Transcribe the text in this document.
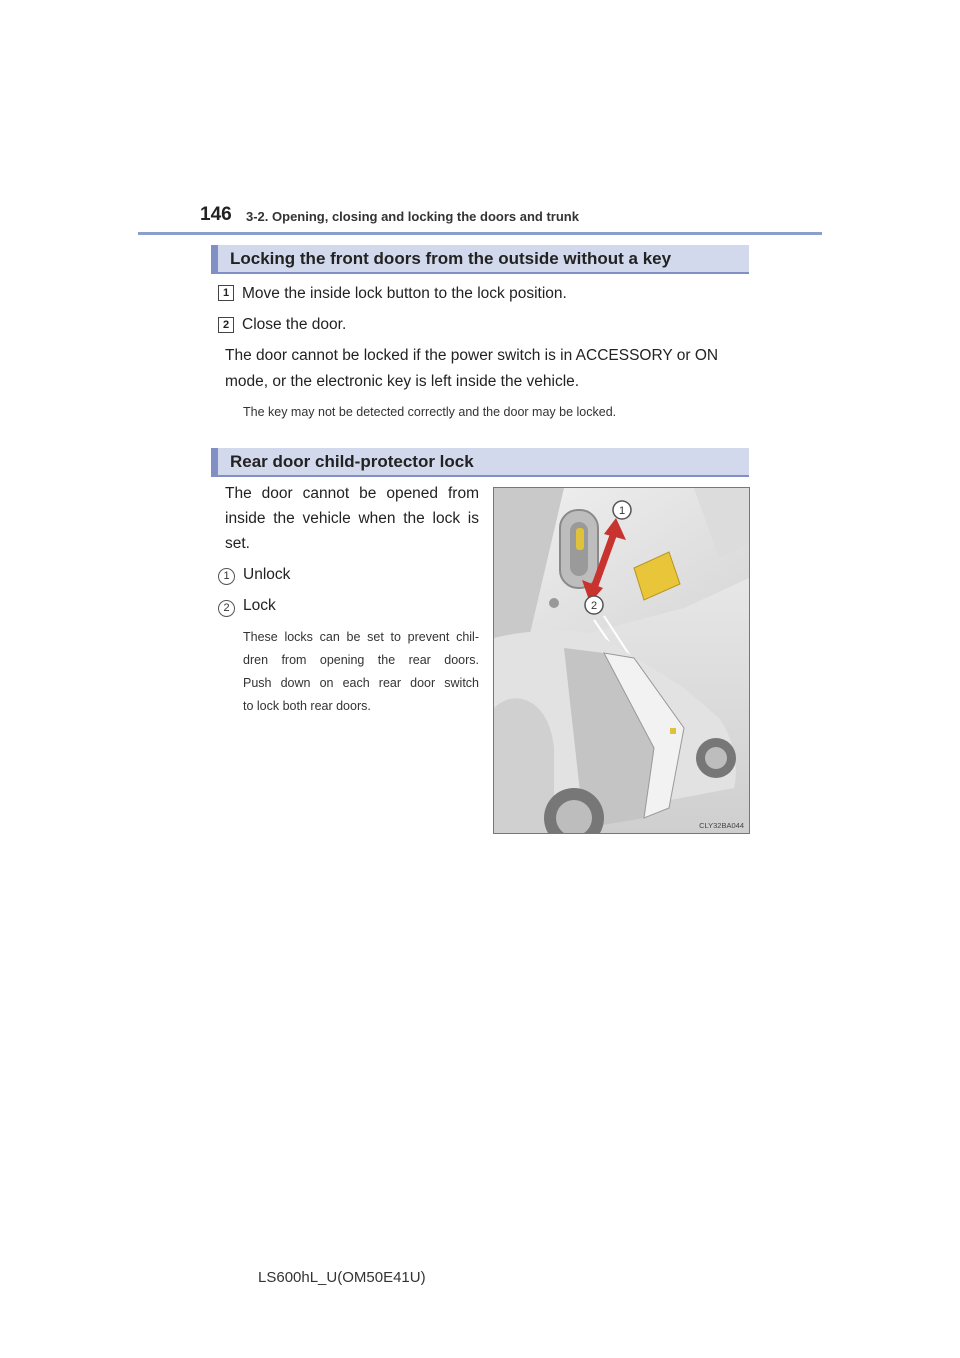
146 3-2. Opening, closing and locking the doors and trunk
Locking the front doors from the outside without a key
1 Move the inside lock button to the lock position.
2 Close the door.
The door cannot be locked if the power switch is in ACCESSORY or ON
mode, or the electronic key is left inside the vehicle.
The key may not be detected correctly and the door may be locked.
Rear door child-protector lock
The door cannot be opened from
inside the vehicle when the lock is
set.
1 Unlock
2 Lock
These locks can be set to prevent chil-
dren from opening the rear doors.
Push down on each rear door switch
to lock both rear doors.
1
2
CLY32BA044
LS600hL_U(OM50E41U)
